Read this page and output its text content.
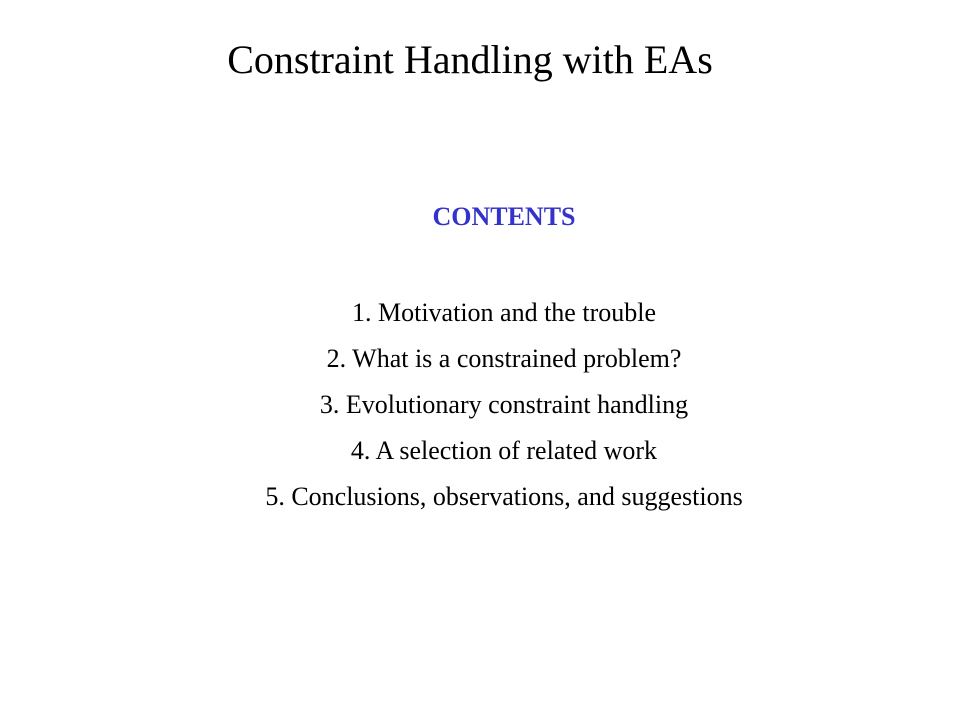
Constraint Handling with EAs
CONTENTS
1. Motivation and the trouble
2. What is a constrained problem?
3. Evolutionary constraint handling
4. A selection of related work
5. Conclusions, observations, and suggestions
